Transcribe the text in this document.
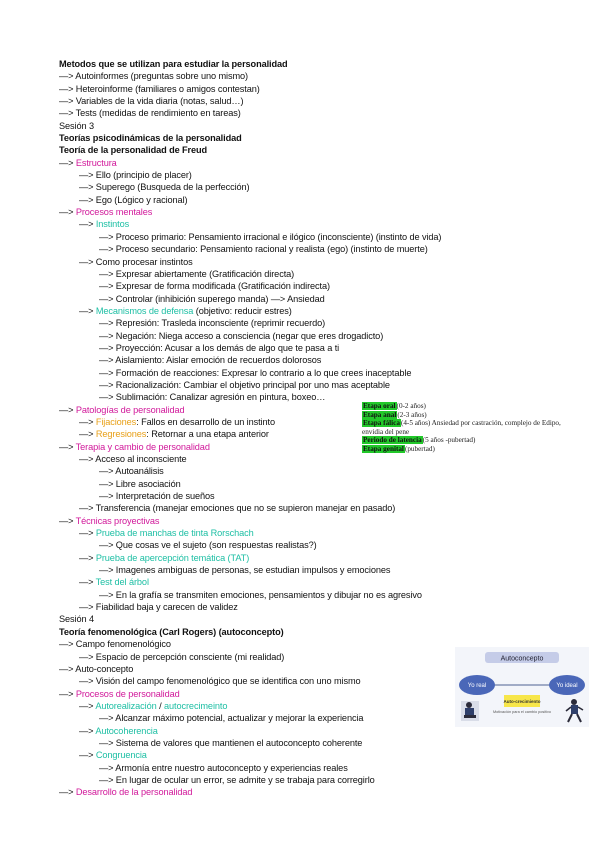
Metodos que se utilizan para estudiar la personalidad
—> Autoinformes (preguntas sobre uno mismo)
—> Heteroinforme (familiares o amigos contestan)
—> Variables de la vida diaria (notas, salud…)
—> Tests (medidas de rendimiento en tareas)
Sesión 3
Teorías psicodinámicas de la personalidad
Teoría de la personalidad de Freud
—> Estructura
—> Ello (principio de placer)
—> Superego (Busqueda de la perfección)
—> Ego (Lógico y racional)
—> Procesos mentales
—> Instintos
—> Proceso primario: Pensamiento irracional e ilógico (inconsciente) (instinto de vida)
—> Proceso secundario: Pensamiento racional y realista (ego) (instinto de muerte)
—> Como procesar instintos
—> Expresar abiertamente (Gratificación directa)
—> Expresar de forma modificada (Gratificación indirecta)
—> Controlar (inhibición superego manda) —> Ansiedad
—> Mecanismos de defensa (objetivo: reducir estres)
—> Represión: Trasleda inconsciente (reprimir recuerdo)
—> Negación: Niega acceso a consciencia (negar que eres drogadicto)
—> Proyección: Acusar a los demás de algo que te pasa a ti
—> Aislamiento: Aislar emoción de recuerdos dolorosos
—> Formación de reacciones: Expresar lo contrario a lo que crees inaceptable
—> Racionalización: Cambiar el objetivo principal por uno mas aceptable
—> Sublimación: Canalizar agresión en pintura, boxeo…
—> Patologías de personalidad
—> Fijaciones: Fallos en desarrollo de un instinto
—> Regresiones: Retornar a una etapa anterior
—> Terapia y cambio de personalidad
—> Acceso al inconsciente
—> Autoanálisis
—> Libre asociación
—> Interpretación de sueños
—> Transferencia (manejar emociones que no se supieron manejar en pasado)
—> Técnicas proyectivas
—> Prueba de manchas de tinta Rorschach
—> Que cosas ve el sujeto (son respuestas realistas?)
—> Prueba de apercepción temática (TAT)
—> Imagenes ambiguas de personas, se estudian impulsos y emociones
—> Test del árbol
—> En la grafía se transmiten emociones, pensamientos y dibujar no es agresivo
—> Fiabilidad baja y carecen de validez
Sesión 4
Teoría fenomenológica (Carl Rogers) (autoconcepto)
—> Campo fenomenológico
—> Espacio de percepción consciente (mi realidad)
—> Auto-concepto
—> Visión del campo fenomenológico que se identifica con uno mismo
—> Procesos de personalidad
—> Autorealización / autocrecimeinto
—> Alcanzar máximo potencial, actualizar y mejorar la experiencia
—> Autocoherencia
—> Sistema de valores que mantienen el autoconcepto coherente
—> Congruencia
—> Armonía entre nuestro autoconcepto y experiencias reales
—> En lugar de ocular un error, se admite y se trabaja para corregirlo
—> Desarrollo de la personalidad
Etapa oral(0-2 años)
Etapa anal(2-3 años)
Etapa fálica(4-5 años) Ansiedad por castración, complejo de Edipo,
envidia del pene
Periodo de latencia(5 años -pubertad)
Etapa genital(pubertad)
Autoconcepto
Yo real	Yo ideal
Auto-crecimiento
Motivación para el cambio positivo
